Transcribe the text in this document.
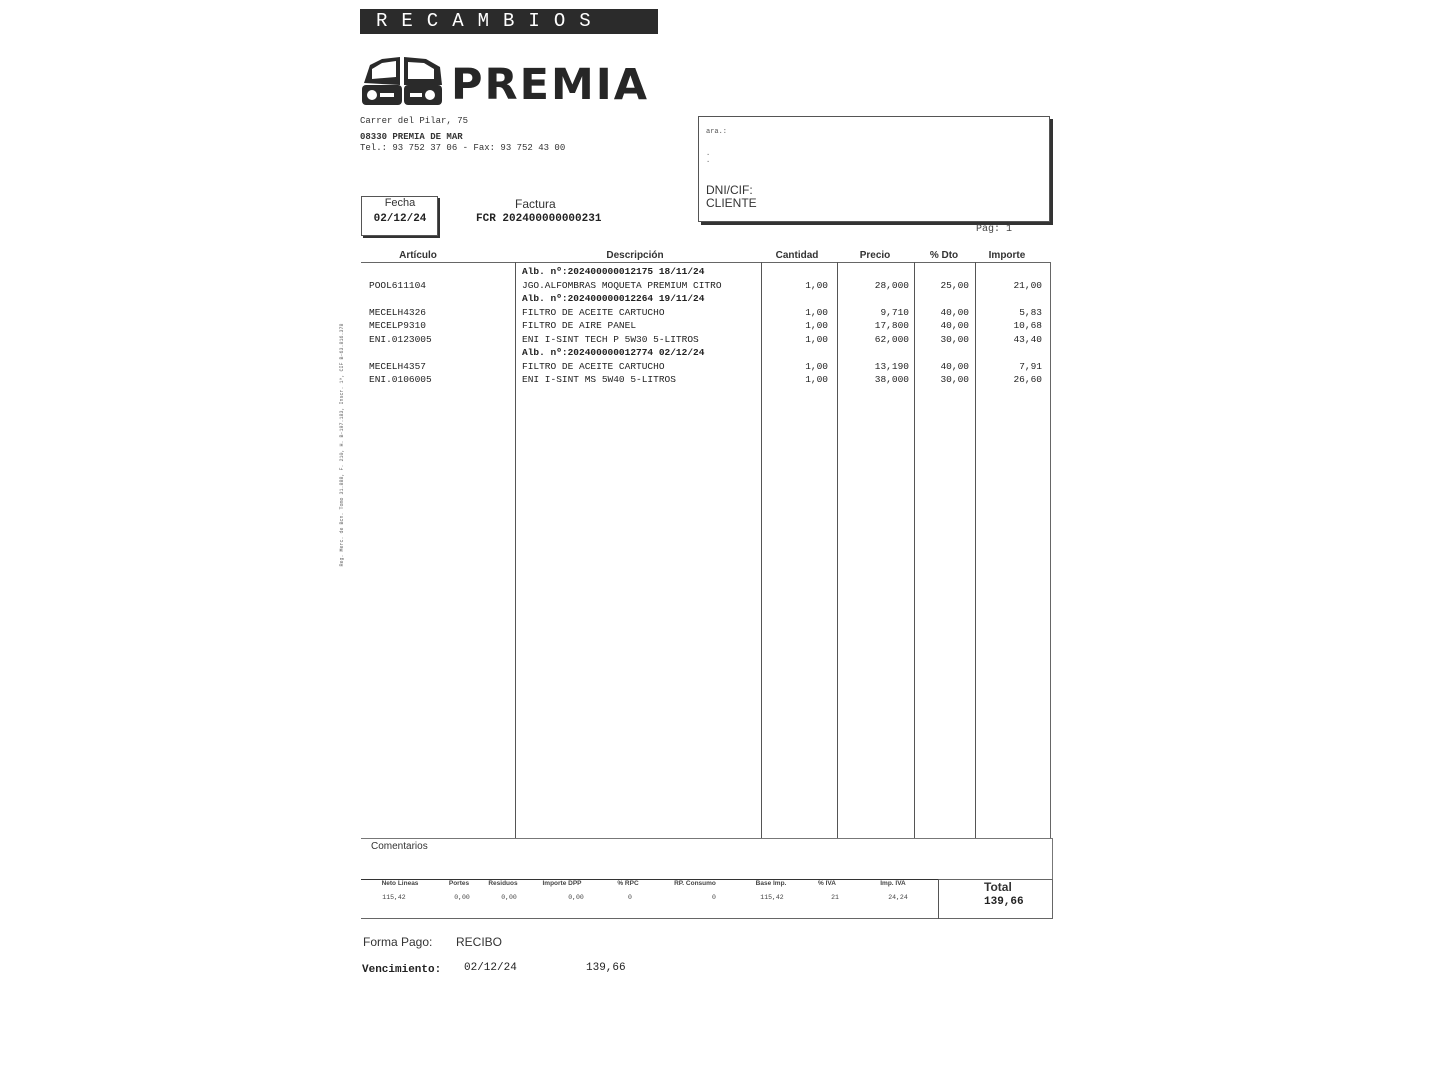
RECAMBIOS
PREMIA
Carrer del Pilar, 75
08330 PREMIA DE MAR
Tel.: 93 752 37 06 - Fax: 93 752 43 00
ara.:
.
.
DNI/CIF:
CLIENTE
Fecha
02/12/24
Factura
FCR 202400000000231
Pag: 1
Artículo	Descripción	Cantidad	Precio	% Dto	Importe
Alb. nº:202400000012175 18/11/24
POOL611104	JGO.ALFOMBRAS MOQUETA PREMIUM CITRO	1,00	28,000	25,00	21,00
Alb. nº:202400000012264 19/11/24
MECELH4326	FILTRO DE ACEITE CARTUCHO	1,00	9,710	40,00	5,83
MECELP9310	FILTRO DE AIRE PANEL	1,00	17,800	40,00	10,68
ENI.0123005	ENI I-SINT TECH P 5W30 5-LITROS	1,00	62,000	30,00	43,40
Alb. nº:202400000012774 02/12/24
MECELH4357	FILTRO DE ACEITE CARTUCHO	1,00	13,190	40,00	7,91
ENI.0106005	ENI I-SINT MS 5W40 5-LITROS	1,00	38,000	30,00	26,60
Comentarios
Neto Lineas	Portes	Residuos	Importe DPP	% RPC	RP. Consumo	Base Imp.	% IVA	Imp. IVA
115,42	0,00	0,00	0,00	0	0	115,42	21	24,24
Total
139,66
Forma Pago: RECIBO
Vencimiento: 02/12/24	139,66
Reg. Merc. de Bcn. Tomo 31.888, F. 210, H. B-197.183, Inscr. 1ª, CIF B-63.816.378
